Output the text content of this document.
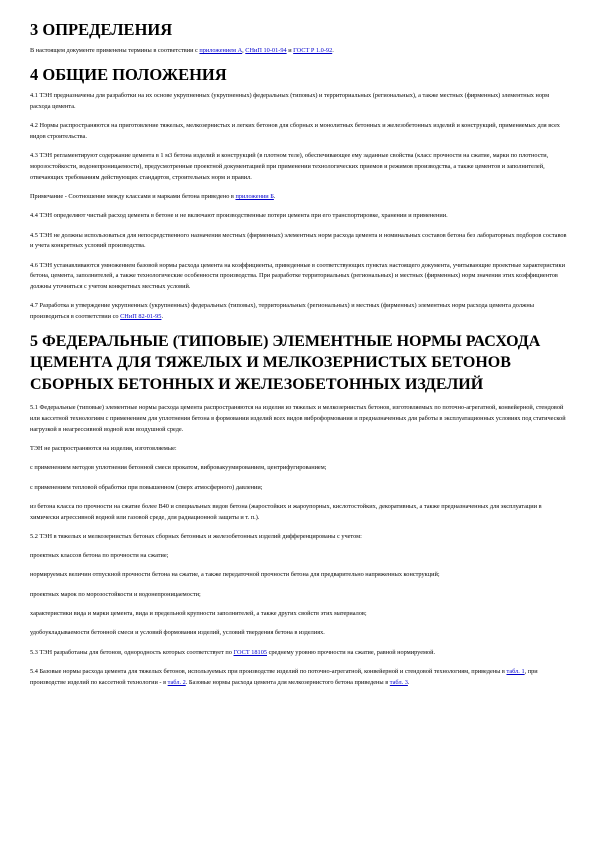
3 ОПРЕДЕЛЕНИЯ

В настоящем документе применены термины в соответствии с приложением А, СНиП 10-01-94 и ГОСТ Р 1.0-92.

4 ОБЩИЕ ПОЛОЖЕНИЯ

4.1 ТЭН предназначены для разработки на их основе укрупненных (укрупненных) федеральных (типовых) и территориальных (региональных), а также местных (фирменных) элементных норм расхода цемента.

4.2 Нормы распространяются на приготовление тяжелых, мелкозернистых и легких бетонов для сборных и монолитных бетонных и железобетонных изделий и конструкций, применяемых для всех видов строительства.

4.3 ТЭН регламентируют содержание цемента в 1 м3 бетона изделий и конструкций (в плотном теле), обеспечивающее ему заданные свойства (класс прочности на сжатие, марки по плотности, морозостойкости, водонепроницаемости), предусмотренные проектной документацией при применении технологических приемов и режимов производства, а также цементов и заполнителей, отвечающих требованиям действующих стандартов, строительных норм и правил.

Примечание - Соотношение между классами и марками бетона приведено в приложении Б.

4.4 ТЭН определяют чистый расход цемента в бетоне и не включают производственные потери цемента при его транспортировке, хранении и применении.

4.5 ТЭН не должны использоваться для непосредственного назначения местных (фирменных) элементных норм расхода цемента и номинальных составов бетона без лабораторных подборов составов и учета конкретных условий производства.

4.6 ТЭН устанавливаются умножением базовой нормы расхода цемента на коэффициенты, приведенные в соответствующих пунктах настоящего документа, учитывающие проектные характеристики бетона, цемента, заполнителей, а также технологические особенности производства. При разработке территориальных (региональных) и местных (фирменных) норм значения этих коэффициентов должны уточняться с учетом конкретных местных условий.

4.7 Разработка и утверждение укрупненных (укрупненных) федеральных (типовых), территориальных (региональных) и местных (фирменных) элементных норм расхода цемента должны производиться в соответствии со СНиП 82-01-95.

5 ФЕДЕРАЛЬНЫЕ (ТИПОВЫЕ) ЭЛЕМЕНТНЫЕ НОРМЫ РАСХОДА ЦЕМЕНТА ДЛЯ ТЯЖЕЛЫХ И МЕЛКОЗЕРНИСТЫХ БЕТОНОВ СБОРНЫХ БЕТОННЫХ И ЖЕЛЕЗОБЕТОННЫХ ИЗДЕЛИЙ

5.1 Федеральные (типовые) элементные нормы расхода цемента распространяются на изделия из тяжелых и мелкозернистых бетонов, изготовляемых по поточно-агрегатной, конвейерной, стендовой или кассетной технологиям с применением для уплотнения бетона в формовании изделий всех видов виброформования и предназначенных для работы в эксплуатационных условиях под статической нагрузкой в неагрессивной водной или воздушной среде.

ТЭН не распространяются на изделия, изготовляемые:

с применением методов уплотнения бетонной смеси прокатом, вибровакуумированием, центрифугированием;

с применением тепловой обработки при повышенном (сверх атмосферного) давлении;

из бетона класса по прочности на сжатие более В40 и специальных видов бетона (жаростойких и жароупорных, кислотостойких, декоративных, а также предназначенных для эксплуатации в химически агрессивной водной или газовой среде, для радиационной защиты и т. п.).

5.2 ТЭН в тяжелых и мелкозернистых бетонах сборных бетонных и железобетонных изделий дифференцированы с учетом:

проектных классов бетона по прочности на сжатие;

нормируемых величин отпускной прочности бетона на сжатие, а также передаточной прочности бетона для предварительно напряженных конструкций;

проектных марок по морозостойкости и водонепроницаемости;

характеристики вида и марки цемента, вида и предельной крупности заполнителей, а также других свойств этих материалов;

удобоукладываемости бетонной смеси и условий формования изделий, условий твердения бетона в изделиях.

5.3 ТЭН разработаны для бетонов, однородность которых соответствует по ГОСТ 18105 среднему уровню прочности на сжатие, равной нормируемой.

5.4 Базовые нормы расхода цемента для тяжелых бетонов, используемых при производстве изделий по поточно-агрегатной, конвейерной и стендовой технологиям, приведены в табл. 1, при производстве изделий по кассетной технологии - в табл. 2. Базовые нормы расхода цемента для мелкозернистого бетона приведены в табл. 3.
